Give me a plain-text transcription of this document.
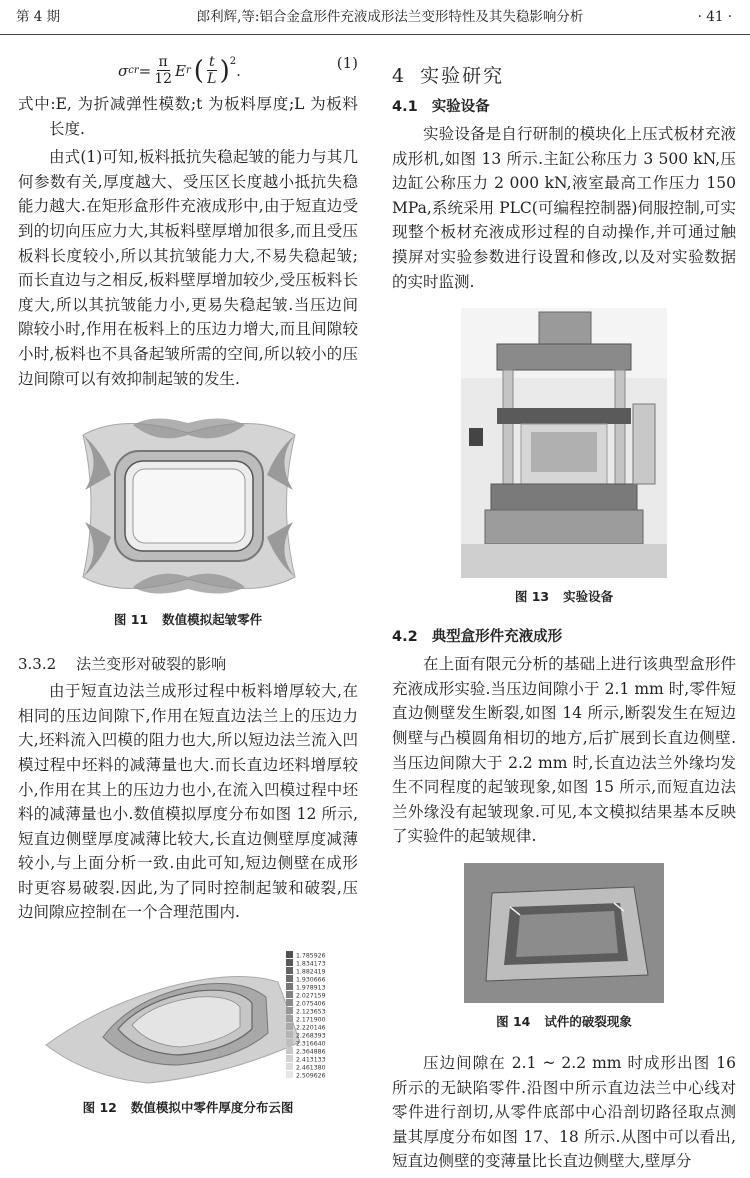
第 4 期	郎利辉,等:铝合金盒形件充液成形法兰变形特性及其失稳影响分析	· 41 ·
σ cr = $\frac{\pi}{12}$ E r ( $\frac{t}{L} )^2$ .	(1)

式中:E, 为折减弹性模数;t 为板料厚度;L 为板料长度.

由式(1)可知,板料抵抗失稳起皱的能力与其几何参数有关,厚度越大、受压区长度越小抵抗失稳能力越大.在矩形盒形件充液成形中,由于短直边受到的切向压应力大,其板料壁厚增加很多,而且受压板料长度较小,所以其抗皱能力大,不易失稳起皱;而长直边与之相反,板料壁厚增加较少,受压板料长度大,所以其抗皱能力小,更易失稳起皱.当压边间隙较小时,作用在板料上的压边力增大,而且间隙较小时,板料也不具备起皱所需的空间,所以较小的压边间隙可以有效抑制起皱的发生.

图 11 数值模拟起皱零件
3.3.2 法兰变形对破裂的影响

由于短直边法兰成形过程中板料增厚较大,在相同的压边间隙下,作用在短直边法兰上的压边力大,坯料流入凹模的阻力也大,所以短边法兰流入凹模过程中坯料的减薄量也大.而长直边坯料增厚较小,作用在其上的压边力也小,在流入凹模过程中坯料的减薄量也小.数值模拟厚度分布如图 12 所示,短直边侧壁厚度减薄比较大,长直边侧壁厚度减薄较小,与上面分析一致.由此可知,短边侧壁在成形时更容易破裂.因此,为了同时控制起皱和破裂,压边间隙应控制在一个合理范围内.

1.785926
1.834173
1.882419
1.930666
1.978913
2.027159
2.075406
2.123653
2.171900
2.220146
2.268393
2.316640
2.364886
2.413133
2.461380
2.509626
图 12 数值模拟中零件厚度分布云图
4 实验研究
4.1 实验设备

实验设备是自行研制的模块化上压式板材充液成形机,如图 13 所示.主缸公称压力 3 500 kN,压边缸公称压力 2 000 kN,液室最高工作压力 150 MPa,系统采用 PLC(可编程控制器)伺服控制,可实现整个板材充液成形过程的自动操作,并可通过触摸屏对实验参数进行设置和修改,以及对实验数据的实时监测.

图 13 实验设备
4.2 典型盒形件充液成形

在上面有限元分析的基础上进行该典型盒形件充液成形实验.当压边间隙小于 2.1 mm 时,零件短直边侧壁发生断裂,如图 14 所示,断裂发生在短边侧壁与凸模圆角相切的地方,后扩展到长直边侧壁.当压边间隙大于 2.2 mm 时,长直边法兰外缘均发生不同程度的起皱现象,如图 15 所示,而短直边法兰外缘没有起皱现象.可见,本文模拟结果基本反映了实验件的起皱规律.

图 14 试件的破裂现象

压边间隙在 2.1 ~ 2.2 mm 时成形出图 16 所示的无缺陷零件.沿图中所示直边法兰中心线对零件进行剖切,从零件底部中心沿剖切路径取点测量其厚度分布如图 17、18 所示.从图中可以看出,短直边侧壁的变薄量比长直边侧壁大,壁厚分
